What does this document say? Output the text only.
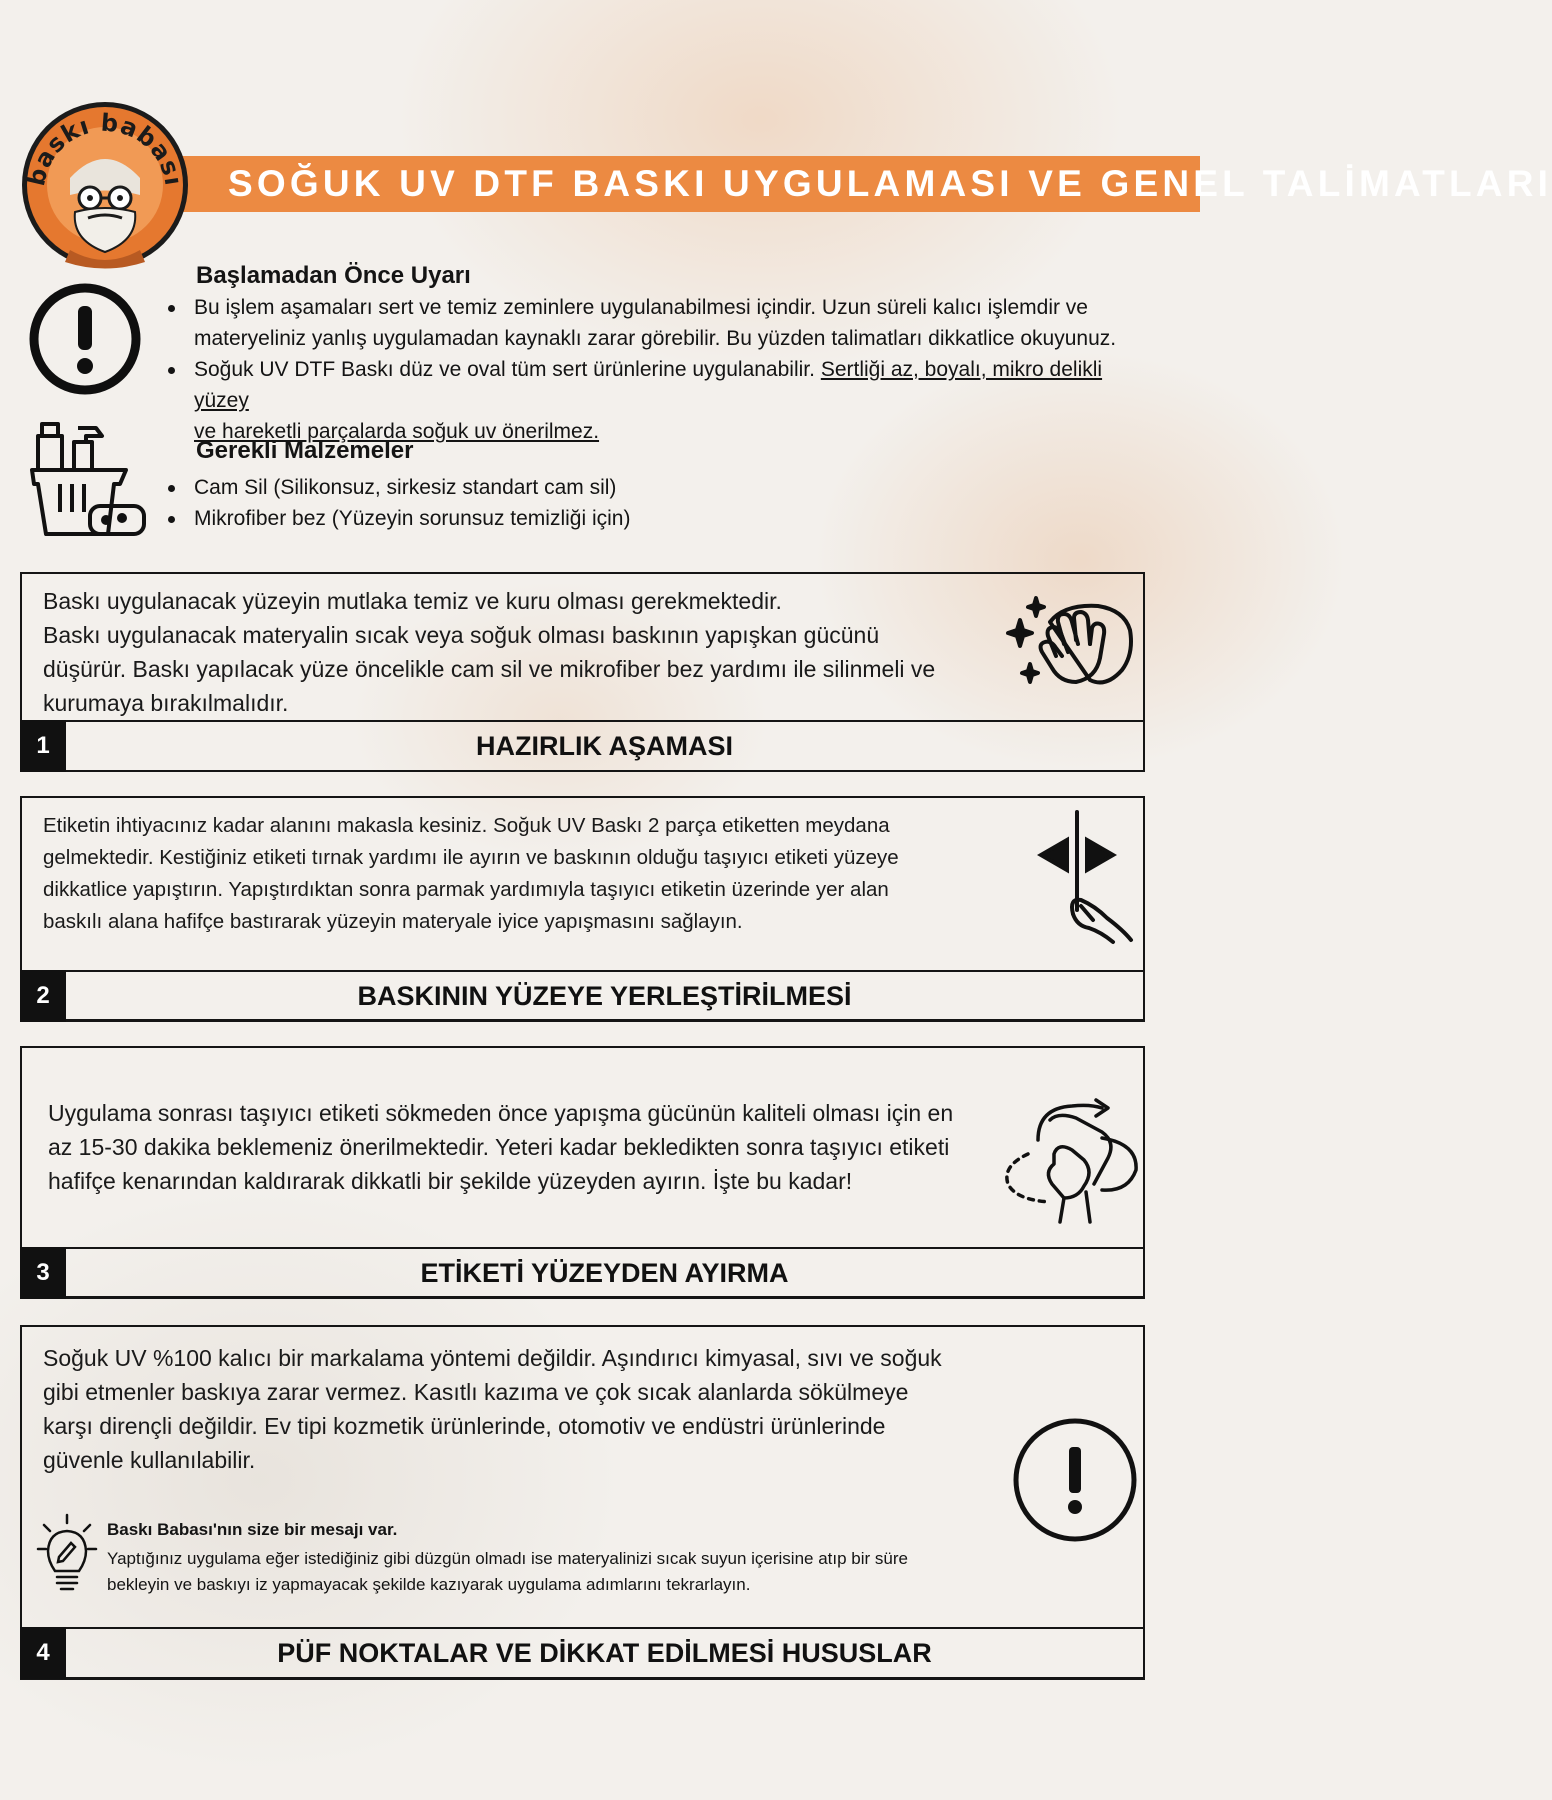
SOĞUK UV DTF BASKI UYGULAMASI VE GENEL TALİMATLARI
baskı babası
Başlamadan Önce Uyarı
Bu işlem aşamaları sert ve temiz zeminlere uygulanabilmesi içindir. Uzun süreli kalıcı işlemdir ve
materyeliniz yanlış uygulamadan kaynaklı zarar görebilir. Bu yüzden talimatları dikkatlice okuyunuz.
Soğuk UV DTF Baskı düz ve oval tüm sert ürünlerine uygulanabilir. Sertliği az, boyalı, mikro delikli yüzey
ve hareketli parçalarda soğuk uv önerilmez.
Gerekli Malzemeler
Cam Sil (Silikonsuz, sirkesiz standart cam sil)
Mikrofiber bez (Yüzeyin sorunsuz temizliği için)
Baskı uygulanacak yüzeyin mutlaka temiz ve kuru olması gerekmektedir.
Baskı uygulanacak materyalin sıcak veya soğuk olması baskının yapışkan gücünü
düşürür. Baskı yapılacak yüze öncelikle cam sil ve mikrofiber bez yardımı ile silinmeli ve
kurumaya bırakılmalıdır.
1	HAZIRLIK AŞAMASI
Etiketin ihtiyacınız kadar alanını makasla kesiniz. Soğuk UV Baskı 2 parça etiketten meydana
gelmektedir. Kestiğiniz etiketi tırnak yardımı ile ayırın ve baskının olduğu taşıyıcı etiketi yüzeye
dikkatlice yapıştırın. Yapıştırdıktan sonra parmak yardımıyla taşıyıcı etiketin üzerinde yer alan
baskılı alana hafifçe bastırarak yüzeyin materyale iyice yapışmasını sağlayın.
2	BASKININ YÜZEYE YERLEŞTİRİLMESİ
Uygulama sonrası taşıyıcı etiketi sökmeden önce yapışma gücünün kaliteli olması için en
az 15-30 dakika beklemeniz önerilmektedir. Yeteri kadar bekledikten sonra taşıyıcı etiketi
hafifçe kenarından kaldırarak dikkatli bir şekilde yüzeyden ayırın. İşte bu kadar!
3	ETİKETİ YÜZEYDEN AYIRMA
Soğuk UV %100 kalıcı bir markalama yöntemi değildir. Aşındırıcı kimyasal, sıvı ve soğuk
gibi etmenler baskıya zarar vermez. Kasıtlı kazıma ve çok sıcak alanlarda sökülmeye
karşı dirençli değildir. Ev tipi kozmetik ürünlerinde, otomotiv ve endüstri ürünlerinde
güvenle kullanılabilir.
Baskı Babası'nın size bir mesajı var.
Yaptığınız uygulama eğer istediğiniz gibi düzgün olmadı ise materyalinizi sıcak suyun içerisine atıp bir süre
bekleyin ve baskıyı iz yapmayacak şekilde kazıyarak uygulama adımlarını tekrarlayın.
4	PÜF NOKTALAR VE DİKKAT EDİLMESİ HUSUSLAR
